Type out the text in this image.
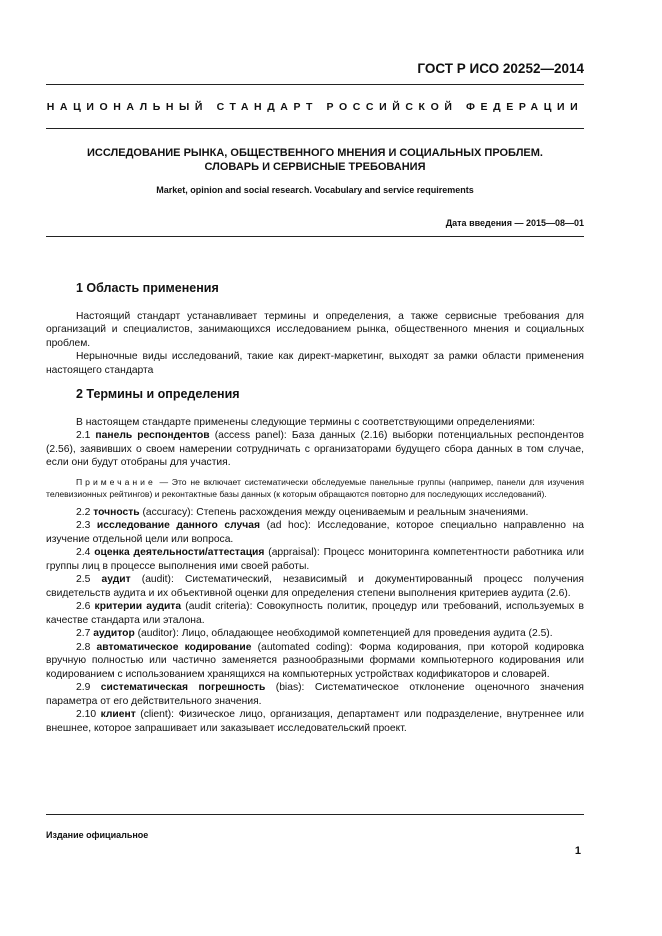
ГОСТ Р ИСО 20252—2014
НАЦИОНАЛЬНЫЙ СТАНДАРТ РОССИЙСКОЙ ФЕДЕРАЦИИ
ИССЛЕДОВАНИЕ РЫНКА, ОБЩЕСТВЕННОГО МНЕНИЯ И СОЦИАЛЬНЫХ ПРОБЛЕМ.
СЛОВАРЬ И СЕРВИСНЫЕ ТРЕБОВАНИЯ
Market, opinion and social research. Vocabulary and service requirements
Дата введения — 2015—08—01
1 Область применения

Настоящий стандарт устанавливает термины и определения, а также сервисные требования для организаций и специалистов, занимающихся исследованием рынка, общественного мнения и социальных проблем.

Нерыночные виды исследований, такие как директ-маркетинг, выходят за рамки области применения настоящего стандарта

2 Термины и определения

В настоящем стандарте применены следующие термины с соответствующими определениями:

2.1 панель респондентов (access panel): База данных (2.16) выборки потенциальных респондентов (2.56), заявивших о своем намерении сотрудничать с организаторами будущего сбора данных в том случае, если они будут отобраны для участия.

Примечание — Это не включает систематически обследуемые панельные группы (например, панели для изучения телевизионных рейтингов) и реконтактные базы данных (к которым обращаются повторно для последующих исследований).

2.2 точность (accuracy): Степень расхождения между оцениваемым и реальным значениями.

2.3 исследование данного случая (ad hoc): Исследование, которое специально направленно на изучение отдельной цели или вопроса.

2.4 оценка деятельности/аттестация (appraisal): Процесс мониторинга компетентности работника или группы лиц в процессе выполнения ими своей работы.

2.5 аудит (audit): Систематический, независимый и документированный процесс получения свидетельств аудита и их объективной оценки для определения степени выполнения критериев аудита (2.6).

2.6 критерии аудита (audit criteria): Совокупность политик, процедур или требований, используемых в качестве стандарта или эталона.

2.7 аудитор (auditor): Лицо, обладающее необходимой компетенцией для проведения аудита (2.5).

2.8 автоматическое кодирование (automated coding): Форма кодирования, при которой кодировка вручную полностью или частично заменяется разнообразными формами компьютерного кодирования или кодированием с использованием хранящихся на компьютерных устройствах кодификаторов и словарей.

2.9 систематическая погрешность (bias): Систематическое отклонение оценочного значения параметра от его действительного значения.

2.10 клиент (client): Физическое лицо, организация, департамент или подразделение, внутреннее или внешнее, которое запрашивает или заказывает исследовательский проект.

Издание официальное
1
